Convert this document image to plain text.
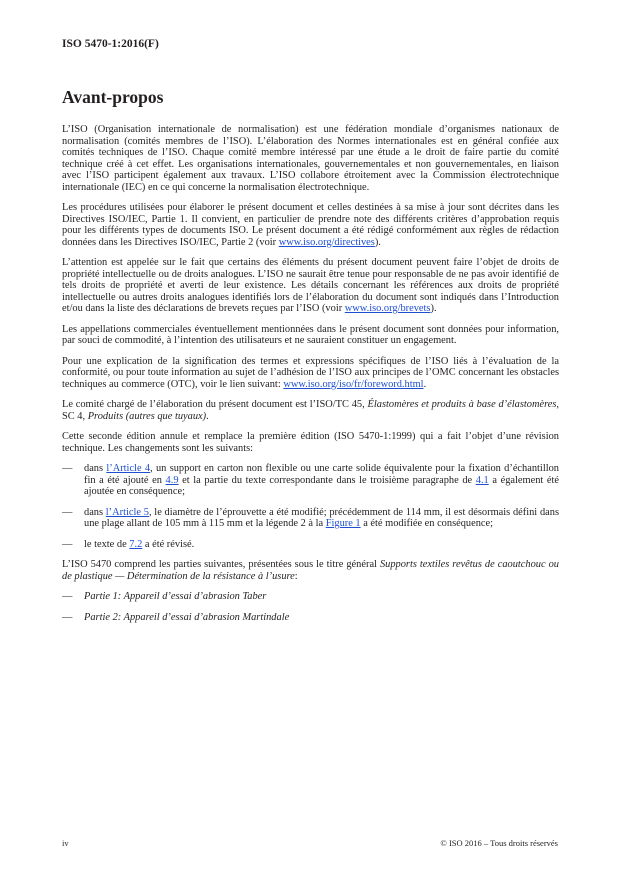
ISO 5470-1:2016(F)
Avant-propos
L’ISO (Organisation internationale de normalisation) est une fédération mondiale d’organismes nationaux de normalisation (comités membres de l’ISO). L’élaboration des Normes internationales est en général confiée aux comités techniques de l’ISO. Chaque comité membre intéressé par une étude a le droit de faire partie du comité technique créé à cet effet. Les organisations internationales, gouvernementales et non gouvernementales, en liaison avec l’ISO participent également aux travaux. L’ISO collabore étroitement avec la Commission électrotechnique internationale (IEC) en ce qui concerne la normalisation électrotechnique.
Les procédures utilisées pour élaborer le présent document et celles destinées à sa mise à jour sont décrites dans les Directives ISO/IEC, Partie 1. Il convient, en particulier de prendre note des différents critères d’approbation requis pour les différents types de documents ISO. Le présent document a été rédigé conformément aux règles de rédaction données dans les Directives ISO/IEC, Partie 2 (voir www.iso.org/directives).
L’attention est appelée sur le fait que certains des éléments du présent document peuvent faire l’objet de droits de propriété intellectuelle ou de droits analogues. L’ISO ne saurait être tenue pour responsable de ne pas avoir identifié de tels droits de propriété et averti de leur existence. Les détails concernant les références aux droits de propriété intellectuelle ou autres droits analogues identifiés lors de l’élaboration du document sont indiqués dans l’Introduction et/ou dans la liste des déclarations de brevets reçues par l’ISO (voir www.iso.org/brevets).
Les appellations commerciales éventuellement mentionnées dans le présent document sont données pour information, par souci de commodité, à l’intention des utilisateurs et ne sauraient constituer un engagement.
Pour une explication de la signification des termes et expressions spécifiques de l’ISO liés à l’évaluation de la conformité, ou pour toute information au sujet de l’adhésion de l’ISO aux principes de l’OMC concernant les obstacles techniques au commerce (OTC), voir le lien suivant: www.iso.org/iso/fr/foreword.html.
Le comité chargé de l’élaboration du présent document est l’ISO/TC 45, Élastomères et produits à base d’élastomères, SC 4, Produits (autres que tuyaux).
Cette seconde édition annule et remplace la première édition (ISO 5470-1:1999) qui a fait l’objet d’une révision technique. Les changements sont les suivants:
—	dans l’Article 4, un support en carton non flexible ou une carte solide équivalente pour la fixation d’échantillon fin a été ajouté en 4.9 et la partie du texte correspondante dans le troisième paragraphe de 4.1 a également été ajoutée en conséquence;
—	dans l’Article 5, le diamètre de l’éprouvette a été modifié; précédemment de 114 mm, il est désormais défini dans une plage allant de 105 mm à 115 mm et la légende 2 à la Figure 1 a été modifiée en conséquence;
—	le texte de 7.2 a été révisé.
L’ISO 5470 comprend les parties suivantes, présentées sous le titre général Supports textiles revêtus de caoutchouc ou de plastique — Détermination de la résistance à l’usure:
—	Partie 1: Appareil d’essai d’abrasion Taber
—	Partie 2: Appareil d’essai d’abrasion Martindale
iv	© ISO 2016 – Tous droits réservés
